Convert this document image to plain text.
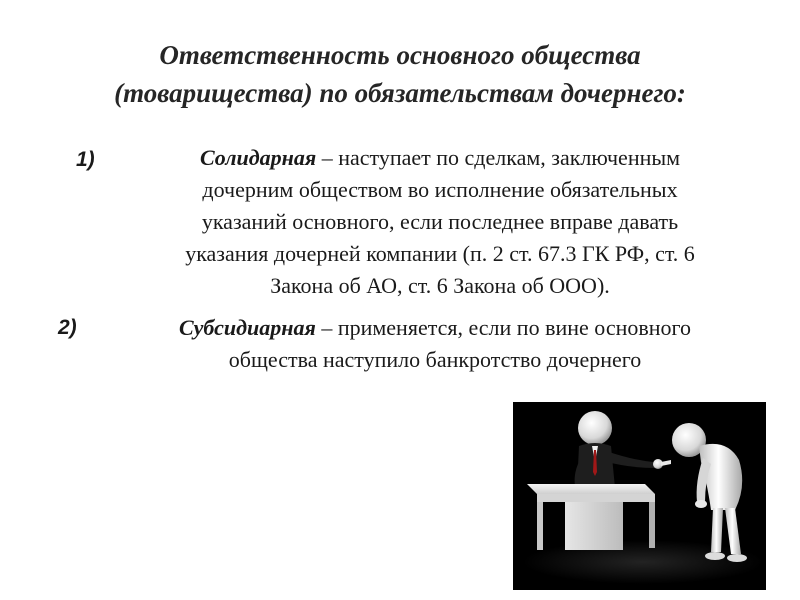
Ответственность основного общества
(товарищества) по обязательствам дочернего:
1)	Солидарная – наступает по сделкам, заключенным
дочерним обществом во исполнение обязательных
указаний основного, если последнее вправе давать
указания дочерней компании (п. 2 ст. 67.3 ГК РФ, ст. 6
Закона об АО, ст. 6 Закона об ООО).
2)	Субсидиарная – применяется, если по вине основного
общества наступило банкротство дочернего
